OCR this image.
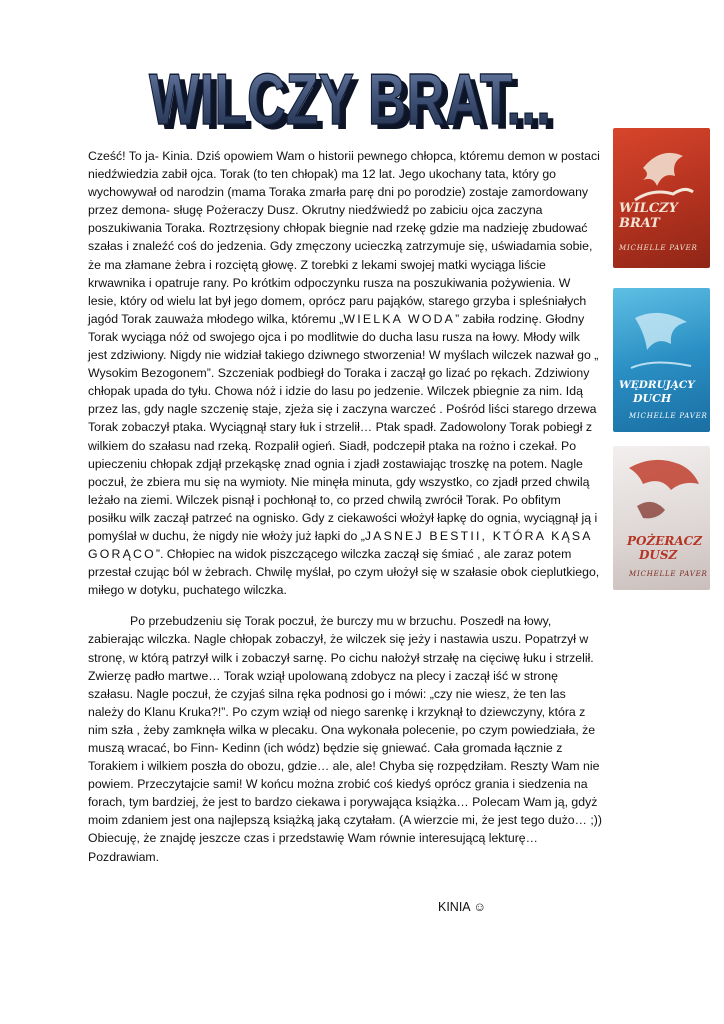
WILCZY BRAT...
WILCZY BRAT...

Cześć! To ja- Kinia. Dziś opowiem Wam o historii pewnego chłopca, któremu demon w postaci niedźwiedzia zabił ojca. Torak (to ten chłopak) ma 12 lat. Jego ukochany tata, który go wychowywał od narodzin (mama Toraka zmarła parę dni po porodzie) zostaje zamordowany przez demona- sługę Pożeraczy Dusz. Okrutny niedźwiedź po zabiciu ojca zaczyna poszukiwania Toraka. Roztrzęsiony chłopak biegnie nad rzekę gdzie ma nadzieję zbudować szałas i znaleźć coś do jedzenia. Gdy zmęczony ucieczką zatrzymuje się, uświadamia sobie, że ma złamane żebra i rozciętą głowę. Z torebki z lekami swojej matki wyciąga liście krwawnika i opatruje rany. Po krótkim odpoczynku rusza na poszukiwania pożywienia. W lesie, który od wielu lat był jego domem, oprócz paru pająków, starego grzyba i spleśniałych jagód Torak zauważa młodego wilka, któremu „WIELKA WODA” zabiła rodzinę. Głodny Torak wyciąga nóż od swojego ojca i po modlitwie do ducha lasu rusza na łowy. Młody wilk jest zdziwiony. Nigdy nie widział takiego dziwnego stworzenia! W myślach wilczek nazwał go „ Wysokim Bezogonem”. Szczeniak podbiegł do Toraka i zaczął go lizać po rękach. Zdziwiony chłopak upada do tyłu. Chowa nóż i idzie do lasu po jedzenie. Wilczek pbiegnie za nim. Idą przez las, gdy nagle szczenię staje, zjeża się i zaczyna warczeć . Pośród liści starego drzewa Torak zobaczył ptaka. Wyciągnął stary łuk i strzelił… Ptak spadł. Zadowolony Torak pobiegł z wilkiem do szałasu nad rzeką. Rozpalił ogień. Siadł, podczepił ptaka na rożno i czekał. Po upieczeniu chłopak zdjął przekąskę znad ognia i zjadł zostawiając troszkę na potem. Nagle poczuł, że zbiera mu się na wymioty. Nie minęła minuta, gdy wszystko, co zjadł przed chwilą leżało na ziemi. Wilczek pisnął i pochłonął to, co przed chwilą zwrócił Torak. Po obfitym posiłku wilk zaczął patrzeć na ognisko. Gdy z ciekawości włożył łapkę do ognia, wyciągnął ją i pomyślał w duchu, że nigdy nie włoży już łapki do „JASNEJ BESTII, KTÓRA KĄSA GORĄCO”. Chłopiec na widok piszczącego wilczka zaczął się śmiać , ale zaraz potem przestał czując ból w żebrach. Chwilę myślał, po czym ułożył się w szałasie obok cieplutkiego, miłego w dotyku, puchatego wilczka.

Po przebudzeniu się Torak poczuł, że burczy mu w brzuchu. Poszedł na łowy, zabierając wilczka. Nagle chłopak zobaczył, że wilczek się jeży i nastawia uszu. Popatrzył w stronę, w którą patrzył wilk i zobaczył sarnę. Po cichu nałożył strzałę na cięciwę łuku i strzelił. Zwierzę padło martwe… Torak wziął upolowaną zdobycz na plecy i zaczął iść w stronę szałasu. Nagle poczuł, że czyjaś silna ręka podnosi go i mówi: „czy nie wiesz, że ten las należy do Klanu Kruka?!”. Po czym wziął od niego sarenkę i krzyknął to dziewczyny, która z nim szła , żeby zamknęła wilka w plecaku. Ona wykonała polecenie, po czym powiedziała, że muszą wracać, bo Finn- Kedinn (ich wódz) będzie się gniewać. Cała gromada łącznie z Torakiem i wilkiem poszła do obozu, gdzie… ale, ale! Chyba się rozpędziłam. Reszty Wam nie powiem. Przeczytajcie sami! W końcu można zrobić coś kiedyś oprócz grania i siedzenia na forach, tym bardziej, że jest to bardzo ciekawa i porywająca książka… Polecam Wam ją, gdyż moim zdaniem jest ona najlepszą książką jaką czytałam. (A wierzcie mi, że jest tego dużo… ;)) Obiecuję, że znajdę jeszcze czas i przedstawię Wam równie interesującą lekturę… Pozdrawiam.

KINIA ☺
WILCZY
BRAT
MICHELLE PAVER
WĘDRUJĄCY
DUCH
MICHELLE PAVER
POŻERACZ
DUSZ
MICHELLE PAVER
